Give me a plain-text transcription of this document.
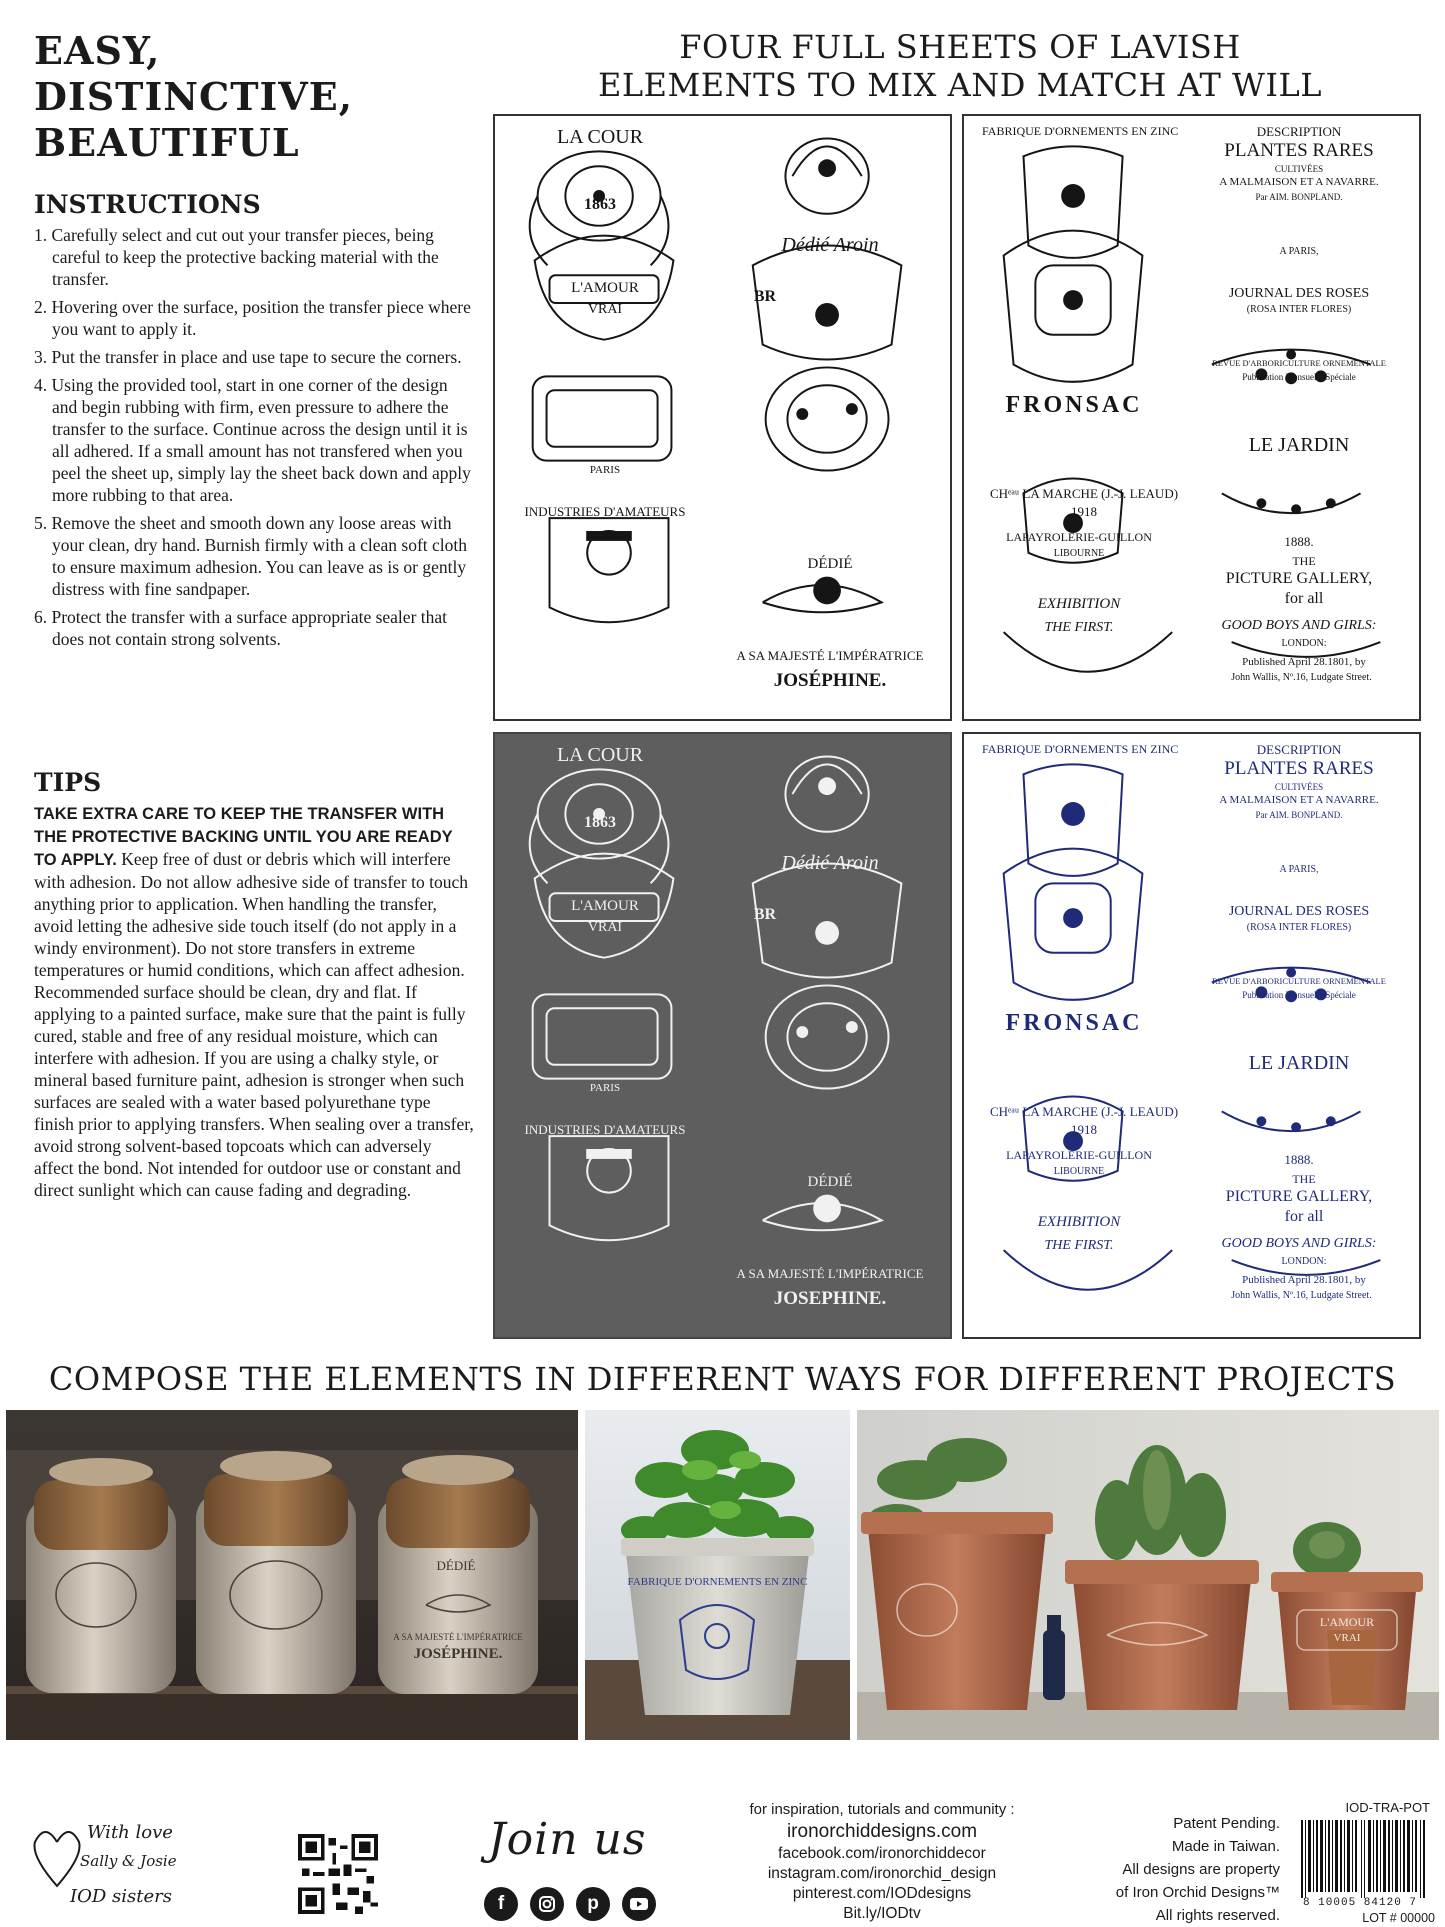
EASY,
DISTINCTIVE,
BEAUTIFUL
INSTRUCTIONS
1. Carefully select and cut out your transfer pieces, being careful to keep the protective backing material with the transfer.
2. Hovering over the surface, position the transfer piece where you want to apply it.
3. Put the transfer in place and use tape to secure the corners.
4. Using the provided tool, start in one corner of the design and begin rubbing with firm, even pressure to adhere the transfer to the surface. Continue across the design until it is all adhered. If a small amount has not transfered when you peel the sheet up, simply lay the sheet back down and apply more rubbing to that area.
5. Remove the sheet and smooth down any loose areas with your clean, dry hand. Burnish firmly with a clean soft cloth to ensure maximum adhesion. You can leave as is or gently distress with fine sandpaper.
6. Protect the transfer with a surface appropriate sealer that does not contain strong solvents.
TIPS
TAKE EXTRA CARE TO KEEP THE TRANSFER WITH THE PROTECTIVE BACKING UNTIL YOU ARE READY TO APPLY. Keep free of dust or debris which will interfere with adhesion. Do not allow adhesive side of transfer to touch anything prior to application. When handling the transfer, avoid letting the adhesive side touch itself (do not apply in a windy environment). Do not store transfers in extreme temperatures or humid conditions, which can affect adhesion. Recommended surface should be clean, dry and flat. If applying to a painted surface, make sure that the paint is fully cured, stable and free of any residual moisture, which can interfere with adhesion. If you are using a chalky style, or mineral based furniture paint, adhesion is stronger when such surfaces are sealed with a water based polyurethane type finish prior to applying transfers. When sealing over a transfer, avoid strong solvent-based topcoats which can adversely affect the bond. Not intended for outdoor use or constant and direct sunlight which can cause fading and degrading.
FOUR FULL SHEETS OF LAVISH
ELEMENTS TO MIX AND MATCH AT WILL
LA COUR
1863
Dédié Aroin
L'AMOUR
VRAI
BR
PARIS
INDUSTRIES D'AMATEURS
DÉDIÉ
A SA MAJESTÉ L'IMPÉRATRICE
JOSÉPHINE.
FABRIQUE D'ORNEMENTS EN ZINC	DESCRIPTION
PLANTES RARES
CULTIVÉES
A MALMAISON ET A NAVARRE.
Par AIM. BONPLAND.
A PARIS,
JOURNAL DES ROSES
(ROSA INTER FLORES)
REVUE D'ARBORICULTURE ORNEMENTALE
Publication Mensuelle Spéciale
FRONSAC
LE JARDIN
CHᵉᵃᵘ LA MARCHE (J.-J. LEAUD)
1918
1888.
LAPAYROLERIE-GUILLON
LIBOURNE
THE
PICTURE GALLERY,
for all
EXHIBITION
THE FIRST.	GOOD BOYS AND GIRLS:
LONDON:
Published April 28.1801, by
John Wallis, Nº.16, Ludgate Street.
LA COUR
1863
Dédié Aroin
L'AMOUR
VRAI
BR
PARIS
INDUSTRIES D'AMATEURS
DÉDIÉ
A SA MAJESTÉ L'IMPÉRATRICE
JOSEPHINE.
FABRIQUE D'ORNEMENTS EN ZINC	DESCRIPTION
PLANTES RARES
CULTIVÉES
A MALMAISON ET A NAVARRE.
Par AIM. BONPLAND.
A PARIS,
JOURNAL DES ROSES
(ROSA INTER FLORES)
REVUE D'ARBORICULTURE ORNEMENTALE
Publication Mensuelle Spéciale
FRONSAC
LE JARDIN
CHᵉᵃᵘ LA MARCHE (J.-J. LEAUD)
1918
1888.
LAPAYROLERIE-GUILLON
LIBOURNE
THE
PICTURE GALLERY,
for all
EXHIBITION
THE FIRST.	GOOD BOYS AND GIRLS:
LONDON:
Published April 28.1801, by
John Wallis, Nº.16, Ludgate Street.
COMPOSE THE ELEMENTS IN DIFFERENT WAYS FOR DIFFERENT PROJECTS
DÉDIÉ
A SA MAJESTÉ L'IMPÉRATRICE
JOSÉPHINE.
FABRIQUE D'ORNEMENTS EN ZINC
L'AMOUR
VRAI
With love
Sally & Josie
IOD sisters
Join us
f	p
for inspiration, tutorials and community :
ironorchiddesigns.com
facebook.com/ironorchiddecor
instagram.com/ironorchid_design
pinterest.com/IODdesigns
Bit.ly/IODtv
Patent Pending.
Made in Taiwan.
All designs are property
of Iron Orchid Designs™
All rights reserved.
IOD-TRA-POT
8 10005 84120 7
LOT # 00000
